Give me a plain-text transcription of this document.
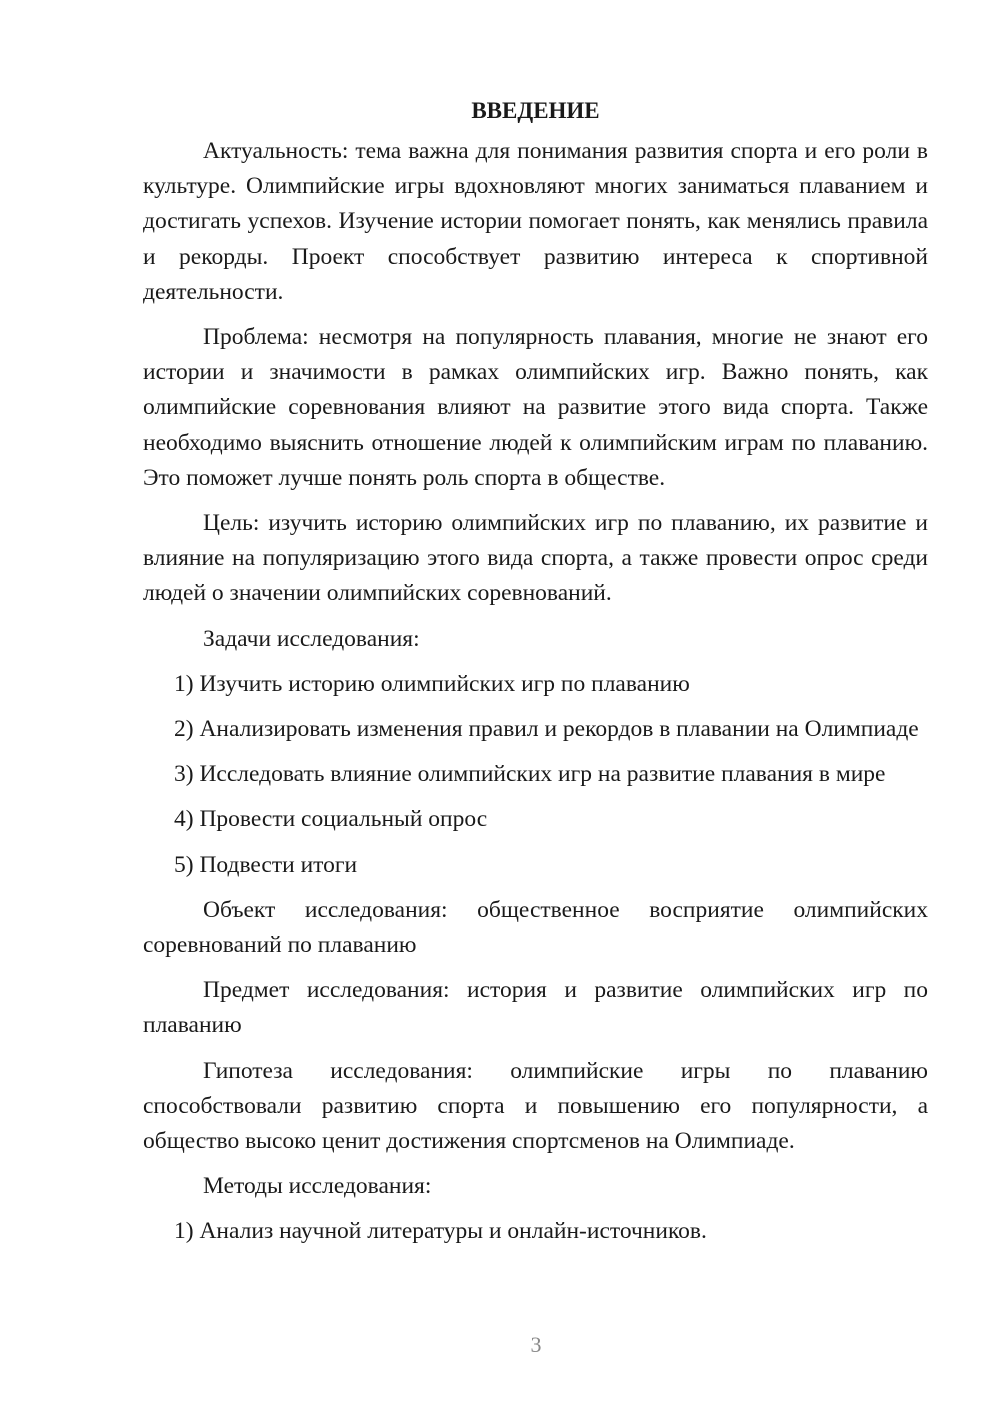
ВВЕДЕНИЕ

Актуальность: тема важна для понимания развития спорта и его роли в культуре. Олимпийские игры вдохновляют многих заниматься плаванием и достигать успехов. Изучение истории помогает понять, как менялись правила и рекорды. Проект способствует развитию интереса к спортивной деятельности.

Проблема: несмотря на популярность плавания, многие не знают его истории и значимости в рамках олимпийских игр. Важно понять, как олимпийские соревнования влияют на развитие этого вида спорта. Также необходимо выяснить отношение людей к олимпийским играм по плаванию. Это поможет лучше понять роль спорта в обществе.

Цель: изучить историю олимпийских игр по плаванию, их развитие и влияние на популяризацию этого вида спорта, а также провести опрос среди людей о значении олимпийских соревнований.

Задачи исследования:

1) Изучить историю олимпийских игр по плаванию

2) Анализировать изменения правил и рекордов в плавании на Олимпиаде

3) Исследовать влияние олимпийских игр на развитие плавания в мире

4) Провести социальный опрос

5) Подвести итоги

Объект исследования: общественное восприятие олимпийских соревнований по плаванию

Предмет исследования: история и развитие олимпийских игр по плаванию

Гипотеза исследования: олимпийские игры по плаванию способствовали развитию спорта и повышению его популярности, а общество высоко ценит достижения спортсменов на Олимпиаде.

Методы исследования:

1) Анализ научной литературы и онлайн-источников.

3
